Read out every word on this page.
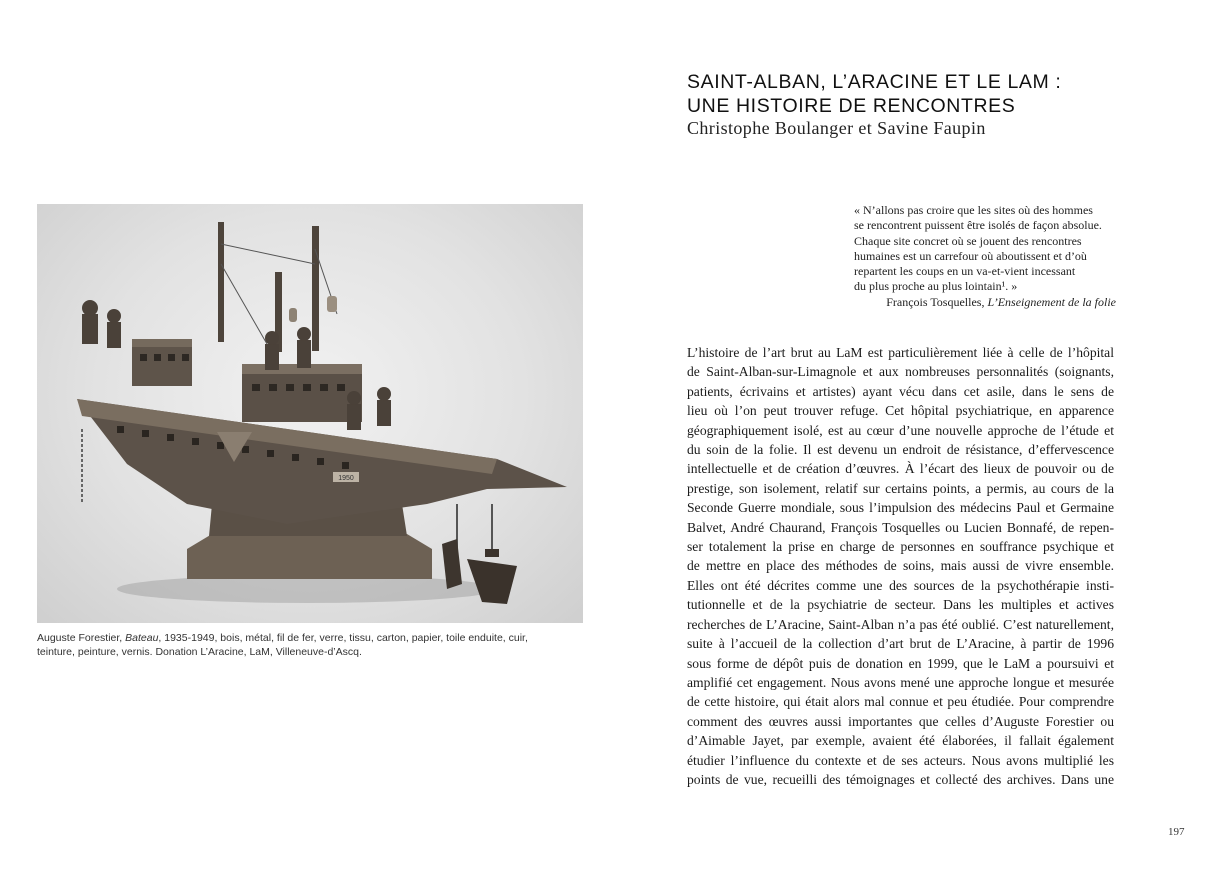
1950
Auguste Forestier, Bateau, 1935-1949, bois, métal, fil de fer, verre, tissu, carton, papier, toile enduite, cuir,
teinture, peinture, vernis. Donation L’Aracine, LaM, Villeneuve-d’Ascq.
SAINT-ALBAN, L’ARACINE ET LE LAM :
UNE HISTOIRE DE RENCONTRES
Christophe Boulanger et Savine Faupin
« N’allons pas croire que les sites où des hommes
se rencontrent puissent être isolés de façon absolue.
Chaque site concret où se jouent des rencontres
humaines est un carrefour où aboutissent et d’où
repartent les coups en un va-et-vient incessant
du plus proche au plus lointain¹. »
François Tosquelles, L’Enseignement de la folie
L’histoire de l’art brut au LaM est particulièrement liée à celle de l’hôpital
de Saint-Alban-sur-Limagnole et aux nombreuses personnalités (soignants,
patients, écrivains et artistes) ayant vécu dans cet asile, dans le sens de
lieu où l’on peut trouver refuge. Cet hôpital psychiatrique, en apparence
géographiquement isolé, est au cœur d’une nouvelle approche de l’étude et
du soin de la folie. Il est devenu un endroit de résistance, d’effervescence
intellectuelle et de création d’œuvres. À l’écart des lieux de pouvoir ou de
prestige, son isolement, relatif sur certains points, a permis, au cours de la
Seconde Guerre mondiale, sous l’impulsion des médecins Paul et Germaine
Balvet, André Chaurand, François Tosquelles ou Lucien Bonnafé, de repen-
ser totalement la prise en charge de personnes en souffrance psychique et
de mettre en place des méthodes de soins, mais aussi de vivre ensemble.
Elles ont été décrites comme une des sources de la psychothérapie insti-
tutionnelle et de la psychiatrie de secteur. Dans les multiples et actives
recherches de L’Aracine, Saint-Alban n’a pas été oublié. C’est naturellement,
suite à l’accueil de la collection d’art brut de L’Aracine, à partir de 1996
sous forme de dépôt puis de donation en 1999, que le LaM a poursuivi et
amplifié cet engagement. Nous avons mené une approche longue et mesurée
de cette histoire, qui était alors mal connue et peu étudiée. Pour comprendre
comment des œuvres aussi importantes que celles d’Auguste Forestier ou
d’Aimable Jayet, par exemple, avaient été élaborées, il fallait également
étudier l’influence du contexte et de ses acteurs. Nous avons multiplié les
points de vue, recueilli des témoignages et collecté des archives. Dans une
197
